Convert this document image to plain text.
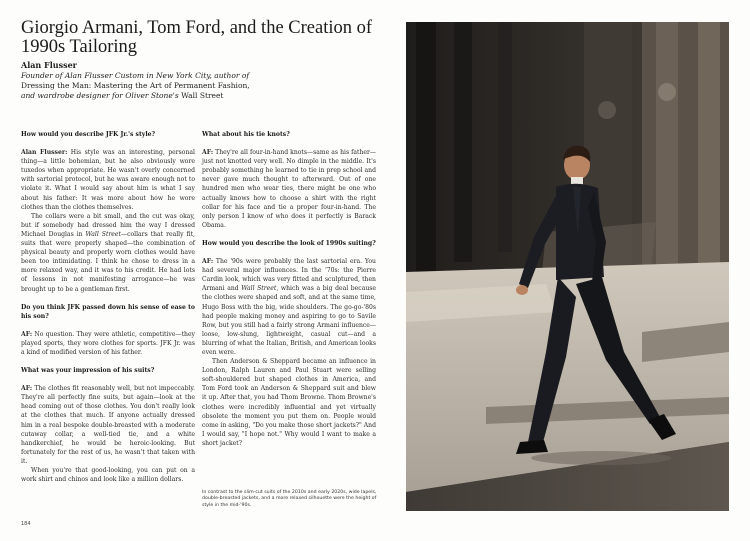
Giorgio Armani, Tom Ford, and the Creation of 1990s Tailoring
Alan Flusser
Founder of Alan Flusser Custom in New York City, author of
Dressing the Man: Mastering the Art of Permanent Fashion,
and wardrobe designer for Oliver Stone's Wall Street

How would you describe JFK Jr.'s style?

Alan Flusser: His style was an interesting, personal thing—a little bohemian, but he also obviously wore tuxedos when appropriate. He wasn't overly concerned with sartorial protocol, but he was aware enough not to violate it. What I would say about him is what I say about his father: It was more about how he wore clothes than the clothes themselves.

The collars were a bit small, and the cut was okay, but if somebody had dressed him the way I dressed Michael Douglas in Wall Street—collars that really fit, suits that were properly shaped—the combination of physical beauty and properly worn clothes would have been too intimidating. I think he chose to dress in a more relaxed way, and it was to his credit. He had lots of lessons in not manifesting arrogance—he was brought up to be a gentleman first.

Do you think JFK passed down his sense of ease to his son?

AF: No question. They were athletic, competitive—they played sports, they wore clothes for sports. JFK Jr. was a kind of modified version of his father.

What was your impression of his suits?

AF: The clothes fit reasonably well, but not impeccably. They're all perfectly fine suits, but again—look at the head coming out of those clothes. You don't really look at the clothes that much. If anyone actually dressed him in a real bespoke double-breasted with a moderate cutaway collar, a well-tied tie, and a white handkerchief, he would be heroic-looking. But fortunately for the rest of us, he wasn't that taken with it.

When you're that good-looking, you can put on a work shirt and chinos and look like a million dollars.

What about his tie knots?

AF: They're all four-in-hand knots—same as his father—just not knotted very well. No dimple in the middle. It's probably something he learned to tie in prep school and never gave much thought to afterward. Out of one hundred men who wear ties, there might be one who actually knows how to choose a shirt with the right collar for his face and tie a proper four-in-hand. The only person I know of who does it perfectly is Barack Obama.

How would you describe the look of 1990s suiting?

AF: The '90s were probably the last sartorial era. You had several major influences. In the '70s: the Pierre Cardin look, which was very fitted and sculptured, then Armani and Wall Street, which was a big deal because the clothes were shaped and soft, and at the same time, Hugo Boss with the big, wide shoulders. The go-go-'80s had people making money and aspiring to go to Savile Row, but you still had a fairly strong Armani influence—loose, low-slung, lightweight, casual cut—and a blurring of what the Italian, British, and American looks even were.

Then Anderson & Sheppard became an influence in London, Ralph Lauren and Paul Stuart were selling soft-shouldered but shaped clothes in America, and Tom Ford took an Anderson & Sheppard suit and blew it up. After that, you had Thom Browne. Thom Browne's clothes were incredibly influential and yet virtually obsolete the moment you put them on. People would come in asking, "Do you make those short jackets?" And I would say, "I hope not." Why would I want to make a short jacket?

In contrast to the slim-cut suits of the 2010s and early 2020s, wide lapels, double-breasted jackets, and a more relaxed silhouette were the height of style in the mid-'90s.
184
